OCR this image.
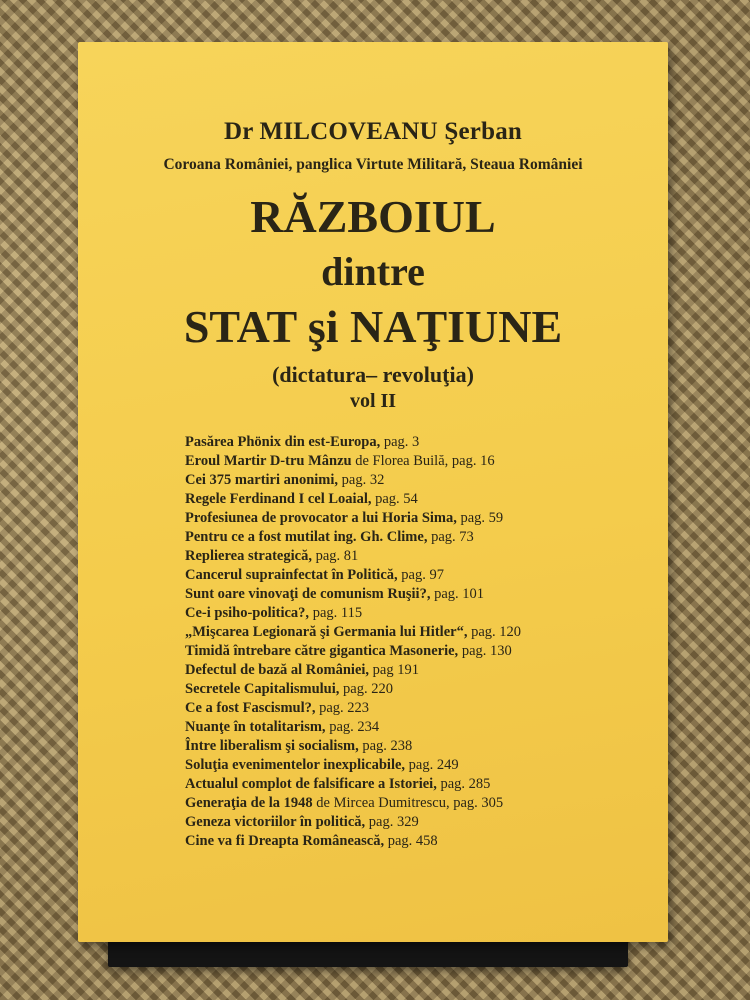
Dr MILCOVEANU Şerban
Coroana României, panglica Virtute Militară, Steaua României
RĂZBOIUL
dintre
STAT şi NAŢIUNE
(dictatura– revoluţia)
vol II
Pasărea Phönix din est-Europa, pag. 3
Eroul Martir D-tru Mânzu de Florea Builă, pag. 16
Cei 375 martiri anonimi, pag. 32
Regele Ferdinand I cel Loaial, pag. 54
Profesiunea de provocator a lui Horia Sima, pag. 59
Pentru ce a fost mutilat ing. Gh. Clime, pag. 73
Replierea strategică, pag. 81
Cancerul suprainfectat în Politică, pag. 97
Sunt oare vinovaţi de comunism Ruşii?, pag. 101
Ce-i psiho-politica?, pag. 115
„Mişcarea Legionară şi Germania lui Hitler“, pag. 120
Timidă întrebare către gigantica Masonerie, pag. 130
Defectul de bază al României, pag 191
Secretele Capitalismului, pag. 220
Ce a fost Fascismul?, pag. 223
Nuanţe în totalitarism, pag. 234
Între liberalism şi socialism, pag. 238
Soluţia evenimentelor inexplicabile, pag. 249
Actualul complot de falsificare a Istoriei, pag. 285
Generaţia de la 1948 de Mircea Dumitrescu, pag. 305
Geneza victoriilor în politică, pag. 329
Cine va fi Dreapta Românească, pag. 458
